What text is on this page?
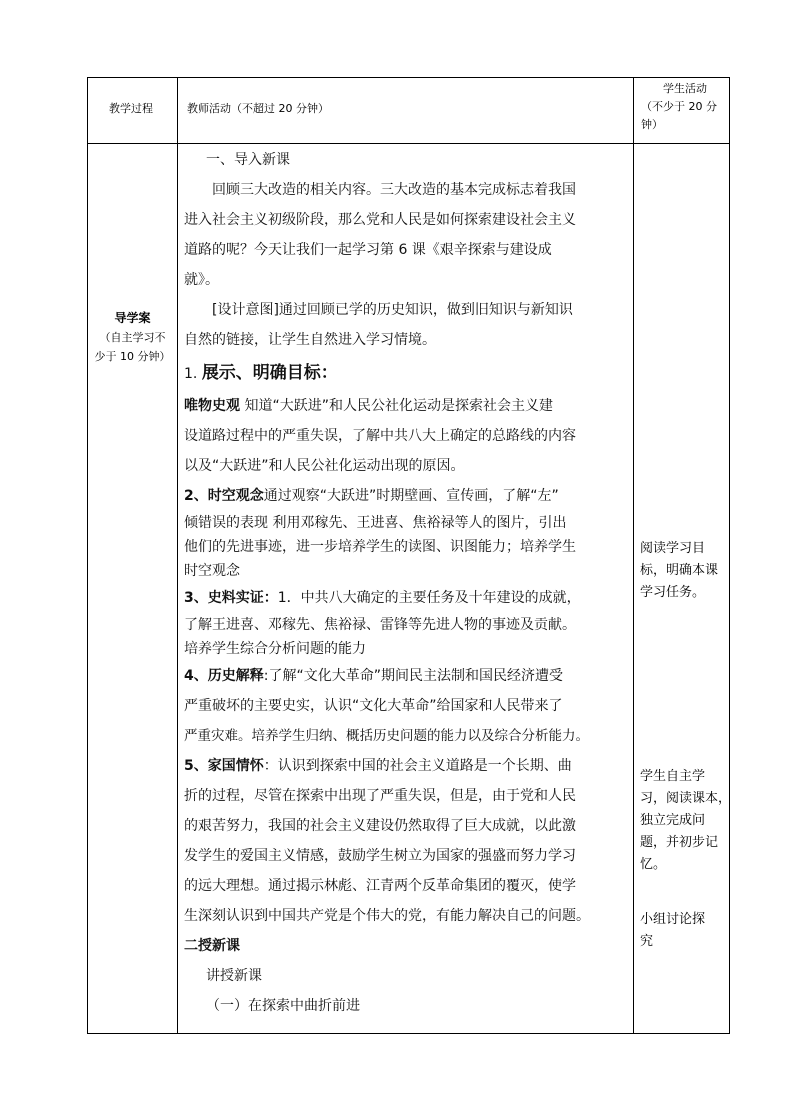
教学过程	教师活动（不超过 20 分钟）
学生活动
（不少于 20 分
钟）
导学案
（自主学习不
少于 10 分钟）
一、导入新课
回顾三大改造的相关内容。三大改造的基本完成标志着我国
进入社会主义初级阶段，那么党和人民是如何探索建设社会主义
道路的呢？今天让我们一起学习第 6 课《艰辛探索与建设成
就》。
[设计意图]通过回顾已学的历史知识，做到旧知识与新知识
自然的链接，让学生自然进入学习情境。
1. 展示、明确目标：
唯物史观 知道“大跃进”和人民公社化运动是探索社会主义建
设道路过程中的严重失误，了解中共八大上确定的总路线的内容
以及“大跃进”和人民公社化运动出现的原因。
2、时空观念通过观察“大跃进”时期壁画、宣传画，了解“左”
倾错误的表现 利用邓稼先、王进喜、焦裕禄等人的图片，引出
他们的先进事迹，进一步培养学生的读图、识图能力；培养学生
时空观念
3、史料实证：1．中共八大确定的主要任务及十年建设的成就，
了解王进喜、邓稼先、焦裕禄、雷锋等先进人物的事迹及贡献。
培养学生综合分析问题的能力
4、历史解释:了解“文化大革命”期间民主法制和国民经济遭受
严重破坏的主要史实，认识“文化大革命”给国家和人民带来了
严重灾难。培养学生归纳、概括历史问题的能力以及综合分析能力。
5、家国情怀：认识到探索中国的社会主义道路是一个长期、曲
折的过程，尽管在探索中出现了严重失误，但是，由于党和人民
的艰苦努力，我国的社会主义建设仍然取得了巨大成就，以此激
发学生的爱国主义情感，鼓励学生树立为国家的强盛而努力学习
的远大理想。通过揭示林彪、江青两个反革命集团的覆灭，使学
生深刻认识到中国共产党是个伟大的党，有能力解决自己的问题。
二授新课
讲授新课
（一）在探索中曲折前进
阅读学习目
标，明确本课
学习任务。
学生自主学
习，阅读课本，
独立完成问
题，并初步记
忆。
小组讨论探
究
